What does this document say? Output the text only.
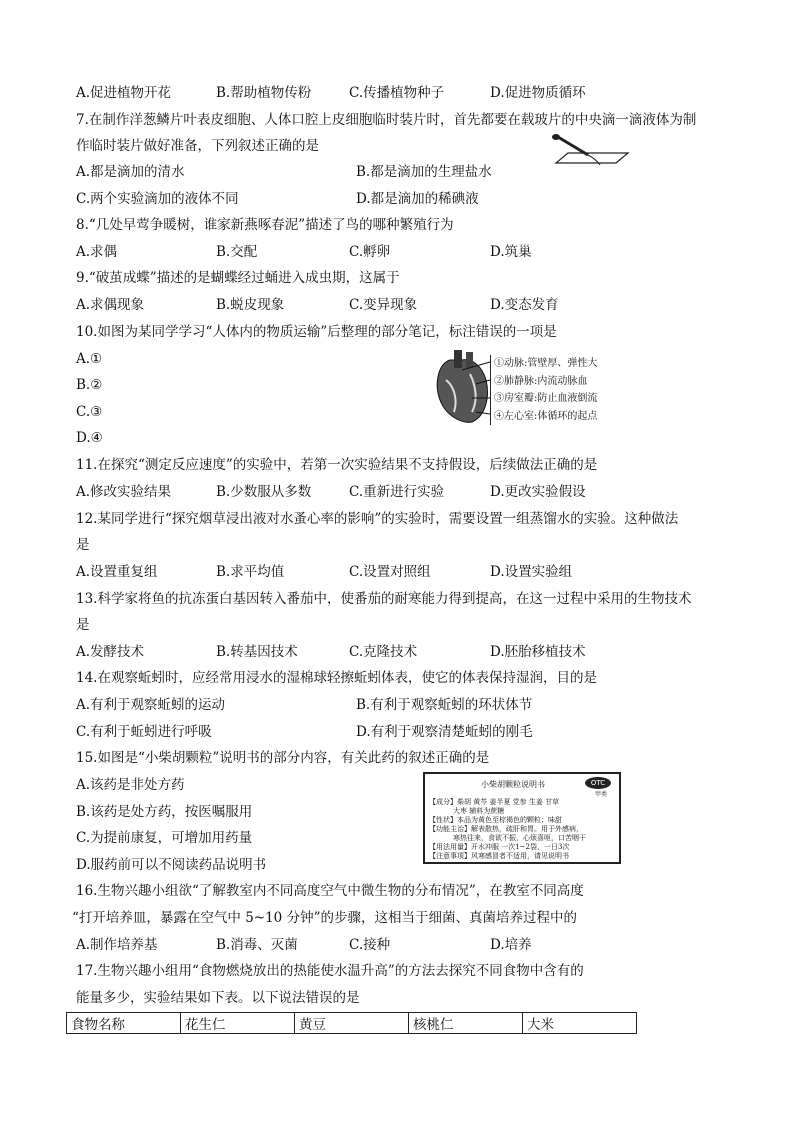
A.促进植物开花	B.帮助植物传粉	C.传播植物种子	D.促进物质循环
7.在制作洋葱鳞片叶表皮细胞、人体口腔上皮细胞临时装片时，首先都要在载玻片的中央滴一滴液体为制
作临时装片做好准备，下列叙述正确的是
A.都是滴加的清水	B.都是滴加的生理盐水
C.两个实验滴加的液体不同	D.都是滴加的稀碘液
8.“几处早莺争暖树，谁家新燕啄春泥”描述了鸟的哪种繁殖行为
A.求偶	B.交配	C.孵卵	D.筑巢
9.“破茧成蝶”描述的是蝴蝶经过蛹进入成虫期，这属于
A.求偶现象	B.蜕皮现象	C.变异现象	D.变态发育
10.如图为某同学学习“人体内的物质运输”后整理的部分笔记，标注错误的一项是
A.①
B.②
C.③
D.④
①动脉:管壁厚、弹性大
②肺静脉:内流动脉血
③房室瓣:防止血液倒流
④左心室:体循环的起点
11.在探究“测定反应速度”的实验中，若第一次实验结果不支持假设，后续做法正确的是
A.修改实验结果	B.少数服从多数	C.重新进行实验	D.更改实验假设
12.某同学进行“探究烟草浸出液对水蚤心率的影响”的实验时，需要设置一组蒸馏水的实验。这种做法
是
A.设置重复组	B.求平均值	C.设置对照组	D.设置实验组
13.科学家将鱼的抗冻蛋白基因转入番茄中，使番茄的耐寒能力得到提高，在这一过程中采用的生物技术
是
A.发酵技术	B.转基因技术	C.克隆技术	D.胚胎移植技术
14.在观察蚯蚓时，应经常用浸水的湿棉球轻擦蚯蚓体表，使它的体表保持湿润，目的是
A.有利于观察蚯蚓的运动	B.有利于观察蚯蚓的环状体节
C.有利于蚯蚓进行呼吸	D.有利于观察清楚蚯蚓的刚毛
15.如图是“小柴胡颗粒”说明书的部分内容，有关此药的叙述正确的是
A.该药是非处方药
B.该药是处方药，按医嘱服用
C.为提前康复，可增加用药量
D.服药前可以不阅读药品说明书
小柴胡颗粒说明书	OTC
甲类
【成分】柴胡 黄芩 姜半夏 党参 生姜 甘草
大枣 辅料为蔗糖
【性状】本品为黄色至棕褐色的颗粒；味甜
【功能主治】解表散热，疏肝和胃。用于外感病，
寒热往来，食欲不振，心烦喜呕，口苦咽干
【用法用量】开水冲服 一次1~2袋，一日3次
【注意事项】风寒感冒者不适用，请见说明书
16.生物兴趣小组欲“了解教室内不同高度空气中微生物的分布情况”，在教室不同高度
“打开培养皿，暴露在空气中 5~10 分钟”的步骤，这相当于细菌、真菌培养过程中的
A.制作培养基	B.消毒、灭菌	C.接种	D.培养
17.生物兴趣小组用“食物燃烧放出的热能使水温升高”的方法去探究不同食物中含有的
能量多少，实验结果如下表。以下说法错误的是
食物名称	花生仁	黄豆	核桃仁	大米
